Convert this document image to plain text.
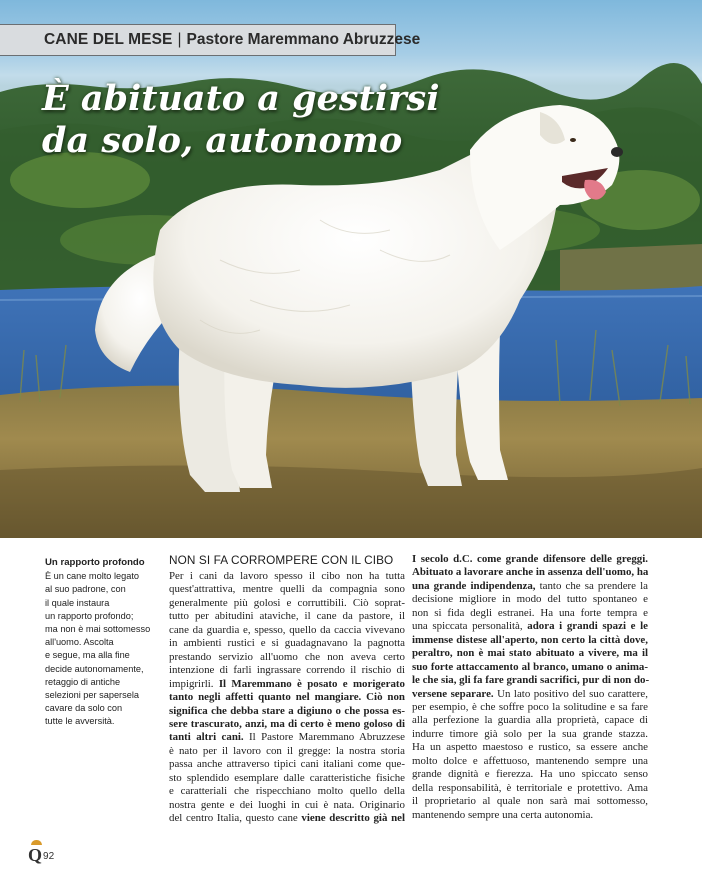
CANE DEL MESE | Pastore Maremmano Abruzzese
È abituato a gestirsi
da solo, autonomo
Un rapporto profondo
È un cane molto legato
al suo padrone, con
il quale instaura
un rapporto profondo;
ma non è mai sottomesso
all'uomo. Ascolta
e segue, ma alla fine
decide autonomamente,
retaggio di antiche
selezioni per sapersela
cavare da solo con
tutte le avversità.
NON SI FA CORROMPERE CON IL CIBO
Per i cani da lavoro spesso il cibo non ha tutta
quest'attrattiva, mentre quelli da compagnia sono
generalmente più golosi e corruttibili. Ciò soprat-
tutto per abitudini ataviche, il cane da pastore, il
cane da guardia e, spesso, quello da caccia vivevano
in ambienti rustici e si guadagnavano la pagnotta
prestando servizio all'uomo che non aveva certo
intenzione di farli ingrassare correndo il rischio di
impigrirli. Il Maremmano è posato e morigerato
tanto negli affetti quanto nel mangiare. Ciò non
significa che debba stare a digiuno o che possa es-
sere trascurato, anzi, ma di certo è meno goloso di
tanti altri cani. Il Pastore Maremmano Abruzzese
è nato per il lavoro con il gregge: la nostra storia
passa anche attraverso tipici cani italiani come que-
sto splendido esemplare dalle caratteristiche fisiche
e caratteriali che rispecchiano molto quello della
nostra gente e dei luoghi in cui è nata. Originario
del centro Italia, questo cane viene descritto già nel
I secolo d.C. come grande difensore delle greggi.
Abituato a lavorare anche in assenza dell'uomo, ha
una grande indipendenza, tanto che sa prendere la
decisione migliore in modo del tutto spontaneo e
non si fida degli estranei. Ha una forte tempra e
una spiccata personalità, adora i grandi spazi e le
immense distese all'aperto, non certo la città dove,
peraltro, non è mai stato abituato a vivere, ma il
suo forte attaccamento al branco, umano o anima-
le che sia, gli fa fare grandi sacrifici, pur di non do-
versene separare. Un lato positivo del suo carattere,
per esempio, è che soffre poco la solitudine e sa fare
alla perfezione la guardia alla proprietà, capace di
indurre timore già solo per la sua grande stazza.
Ha un aspetto maestoso e rustico, sa essere anche
molto dolce e affettuoso, mantenendo sempre una
grande dignità e fierezza. Ha uno spiccato senso
della responsabilità, è territoriale e protettivo. Ama
il proprietario al quale non sarà mai sottomesso,
mantenendo sempre una certa autonomia.
Q 92
